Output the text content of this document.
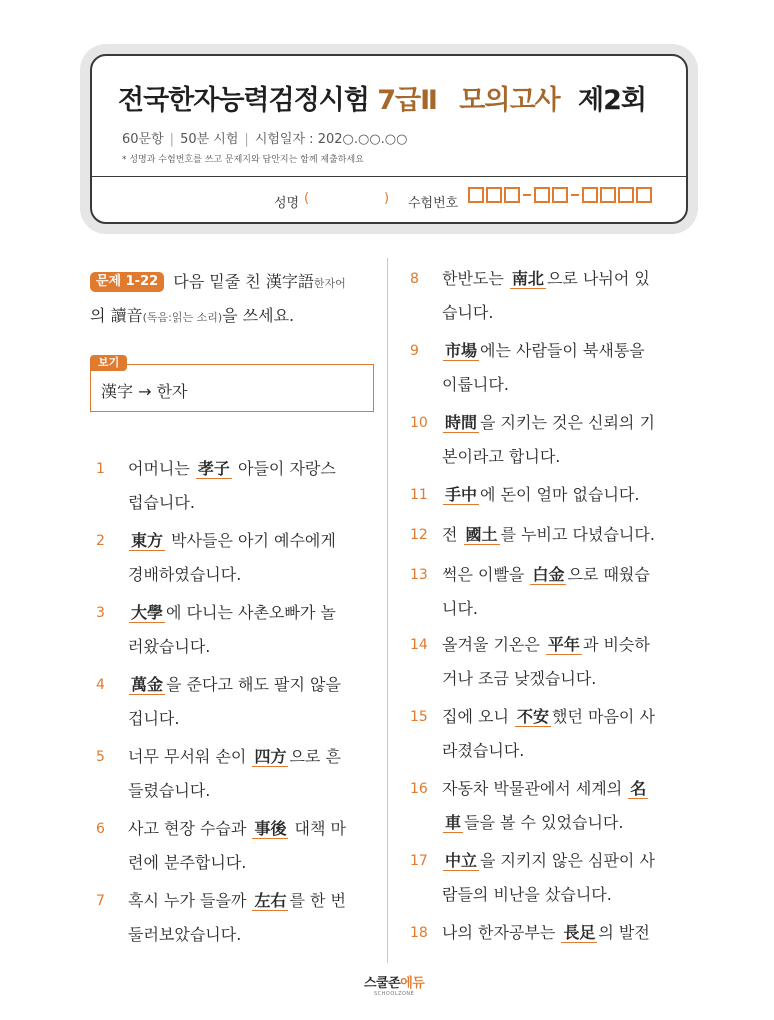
전국한자능력검정시험 7급Ⅱ 모의고사 제2회
60문항 | 50분 시험 | 시험일자 : 202○.○○.○○
* 성명과 수험번호를 쓰고 문제지와 답안지는 함께 제출하세요
성명 (	) 수험번호
문제 1-22 다음 밑줄 친 漢字語한자어
의 讀音(독음:읽는 소리)을 쓰세요.
漢字 → 한자
보기
1	어머니는 孝子 아들이 자랑스
럽습니다.
2	東方 박사들은 아기 예수에게
경배하였습니다.
3	大學 에 다니는 사촌오빠가 놀
러왔습니다.
4	萬金 을 준다고 해도 팔지 않을
겁니다.
5	너무 무서워 손이 四方 으로 흔
들렸습니다.
6	사고 현장 수습과 事後 대책 마
련에 분주합니다.
7	혹시 누가 들을까 左右 를 한 번
둘러보았습니다.
8	한반도는 南北 으로 나뉘어 있
습니다.
9	市場 에는 사람들이 북새통을
이룹니다.
10	時間 을 지키는 것은 신뢰의 기
본이라고 합니다.
11	手中 에 돈이 얼마 없습니다.
12 전 國土 를 누비고 다녔습니다.
13 썩은 이빨을 白金 으로 때웠습
니다.
14 올겨울 기온은 平年 과 비슷하
거나 조금 낮겠습니다.
15 집에 오니 不安 했던 마음이 사
라졌습니다.
16 자동차 박물관에서 세계의 名
車 들을 볼 수 있었습니다.
17	中立 을 지키지 않은 심판이 사
람들의 비난을 샀습니다.
18 나의 한자공부는 長足 의 발전
스쿨존에듀
SCHOOLZONE
